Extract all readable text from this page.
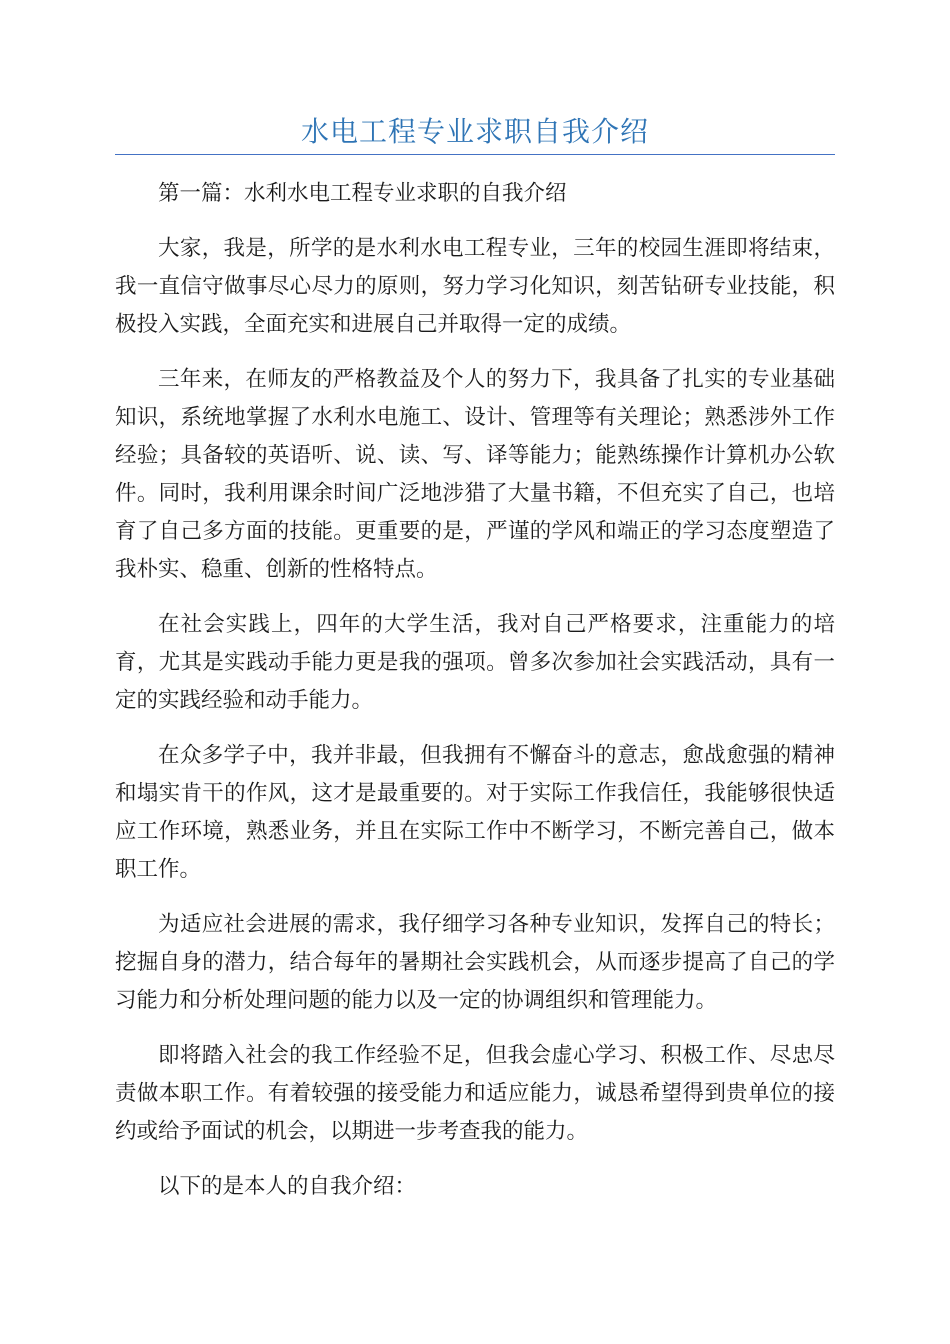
水电工程专业求职自我介绍

第一篇：水利水电工程专业求职的自我介绍

大家，我是，所学的是水利水电工程专业，三年的校园生涯即将结束，我一直信守做事尽心尽力的原则，努力学习化知识，刻苦钻研专业技能，积极投入实践，全面充实和进展自己并取得一定的成绩。

三年来，在师友的严格教益及个人的努力下，我具备了扎实的专业基础知识，系统地掌握了水利水电施工、设计、管理等有关理论；熟悉涉外工作经验；具备较的英语听、说、读、写、译等能力；能熟练操作计算机办公软件。同时，我利用课余时间广泛地涉猎了大量书籍，不但充实了自己，也培育了自己多方面的技能。更重要的是，严谨的学风和端正的学习态度塑造了我朴实、稳重、创新的性格特点。

在社会实践上，四年的大学生活，我对自己严格要求，注重能力的培育，尤其是实践动手能力更是我的强项。曾多次参加社会实践活动，具有一定的实践经验和动手能力。

在众多学子中，我并非最，但我拥有不懈奋斗的意志，愈战愈强的精神和塌实肯干的作风，这才是最重要的。对于实际工作我信任，我能够很快适应工作环境，熟悉业务，并且在实际工作中不断学习，不断完善自己，做本职工作。

为适应社会进展的需求，我仔细学习各种专业知识，发挥自己的特长；挖掘自身的潜力，结合每年的暑期社会实践机会，从而逐步提高了自己的学习能力和分析处理问题的能力以及一定的协调组织和管理能力。

即将踏入社会的我工作经验不足，但我会虚心学习、积极工作、尽忠尽责做本职工作。有着较强的接受能力和适应能力，诚恳希望得到贵单位的接约或给予面试的机会，以期进一步考查我的能力。

以下的是本人的自我介绍：
